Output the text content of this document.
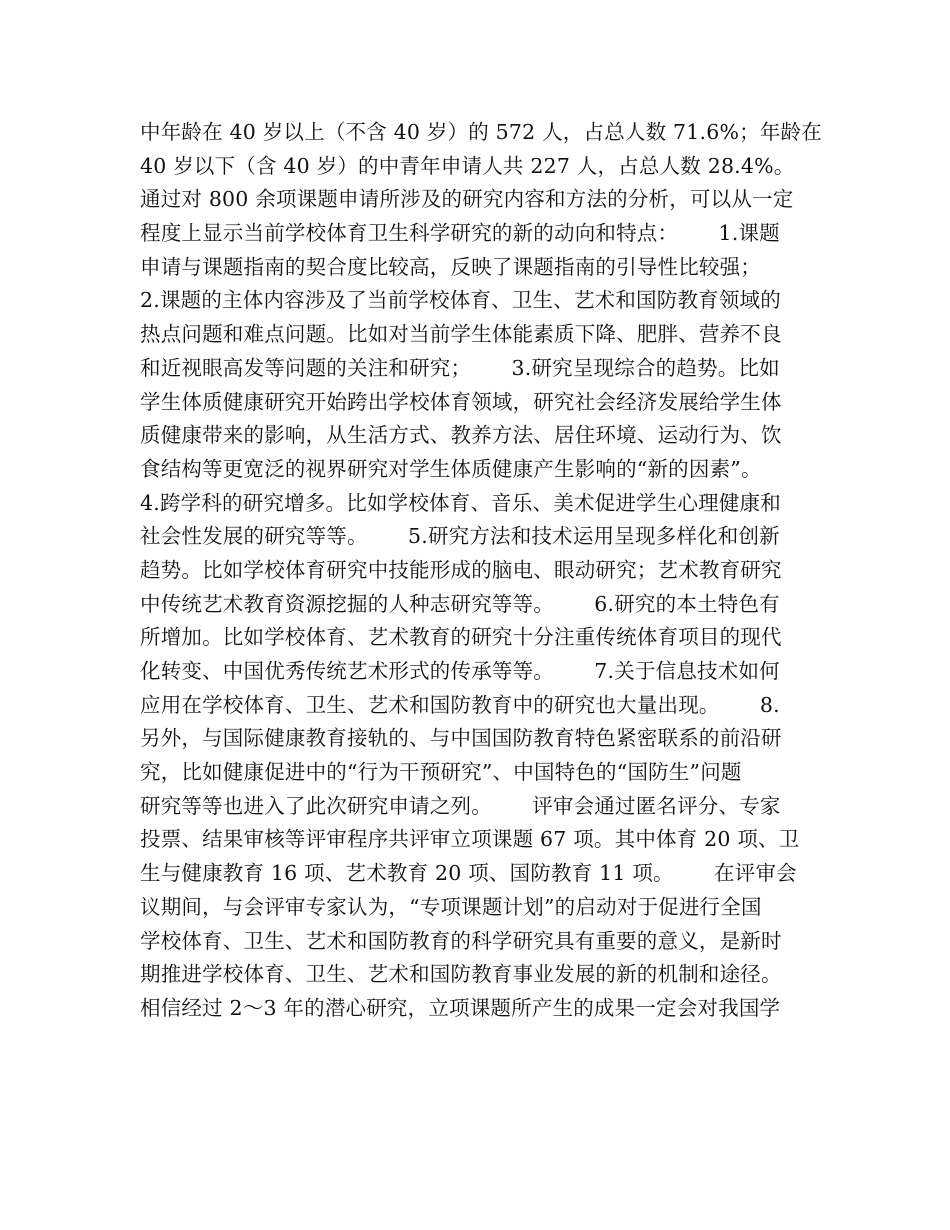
中年龄在 40 岁以上（不含 40 岁）的 572 人，占总人数 71.6%；年龄在
40 岁以下（含 40 岁）的中青年申请人共 227 人，占总人数 28.4%。
通过对 800 余项课题申请所涉及的研究内容和方法的分析，可以从一定
程度上显示当前学校体育卫生科学研究的新的动向和特点：      1.课题
申请与课题指南的契合度比较高，反映了课题指南的引导性比较强；
2.课题的主体内容涉及了当前学校体育、卫生、艺术和国防教育领域的
热点问题和难点问题。比如对当前学生体能素质下降、肥胖、营养不良
和近视眼高发等问题的关注和研究；      3.研究呈现综合的趋势。比如
学生体质健康研究开始跨出学校体育领域，研究社会经济发展给学生体
质健康带来的影响，从生活方式、教养方法、居住环境、运动行为、饮
食结构等更宽泛的视界研究对学生体质健康产生影响的“新的因素”。
4.跨学科的研究增多。比如学校体育、音乐、美术促进学生心理健康和
社会性发展的研究等等。      5.研究方法和技术运用呈现多样化和创新
趋势。比如学校体育研究中技能形成的脑电、眼动研究；艺术教育研究
中传统艺术教育资源挖掘的人种志研究等等。      6.研究的本土特色有
所增加。比如学校体育、艺术教育的研究十分注重传统体育项目的现代
化转变、中国优秀传统艺术形式的传承等等。      7.关于信息技术如何
应用在学校体育、卫生、艺术和国防教育中的研究也大量出现。      8.
另外，与国际健康教育接轨的、与中国国防教育特色紧密联系的前沿研
究，比如健康促进中的“行为干预研究”、中国特色的“国防生”问题
研究等等也进入了此次研究申请之列。      评审会通过匿名评分、专家
投票、结果审核等评审程序共评审立项课题 67 项。其中体育 20 项、卫
生与健康教育 16 项、艺术教育 20 项、国防教育 11 项。      在评审会
议期间，与会评审专家认为，“专项课题计划”的启动对于促进行全国
学校体育、卫生、艺术和国防教育的科学研究具有重要的意义，是新时
期推进学校体育、卫生、艺术和国防教育事业发展的新的机制和途径。
相信经过 2～3 年的潜心研究，立项课题所产生的成果一定会对我国学
